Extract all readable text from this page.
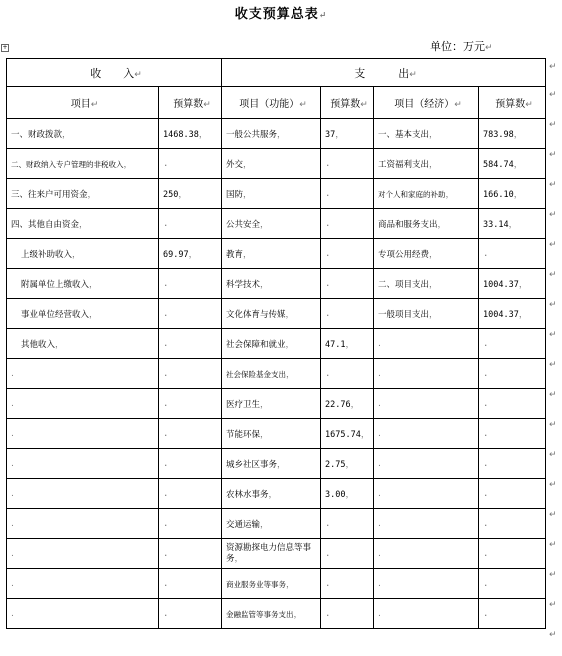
收支预算总表↵
+	单位：万元↵
收　　入↵		支　　　出↵			
项目↵	预算数↵	项目（功能）↵	预算数↵	项目（经济）↵	预算数↵
一、财政拨款，	1468.38，	一般公共服务，	37，	一、基本支出，	783.98，
二、财政纳入专户管理的非税收入，	.	外交，	.	工资福利支出，	584.74，
三、往来户可用资金，	250，	国防，	.	对个人和家庭的补助，	166.10，
四、其他自由资金，	.	公共安全，	.	商品和服务支出，	33.14，
上级补助收入，	69.97，	教育，	.	专项公用经费，	.
附属单位上缴收入，	.	科学技术，	.	二、项目支出，	1004.37，
事业单位经营收入，	.	文化体育与传媒，	.	一般项目支出，	1004.37，
其他收入，	.	社会保障和就业，	47.1，	.	.
.	.	社会保险基金支出，	.	.	.
.	.	医疗卫生，	22.76，	.	.
.	.	节能环保，	1675.74，	.	.
.	.	城乡社区事务，	2.75，	.	.
.	.	农林水事务，	3.00，	.	.
.	.	交通运输，	.	.	.
.	.	资源勘探电力信息等事务，	.	.	.
.	.	商业服务业等事务，	.	.	.
.	.	金融监管等事务支出，	.	.	.
↵
↵
↵
↵
↵
↵
↵
↵
↵
↵
↵
↵
↵
↵
↵
↵
↵
↵
↵
↵
